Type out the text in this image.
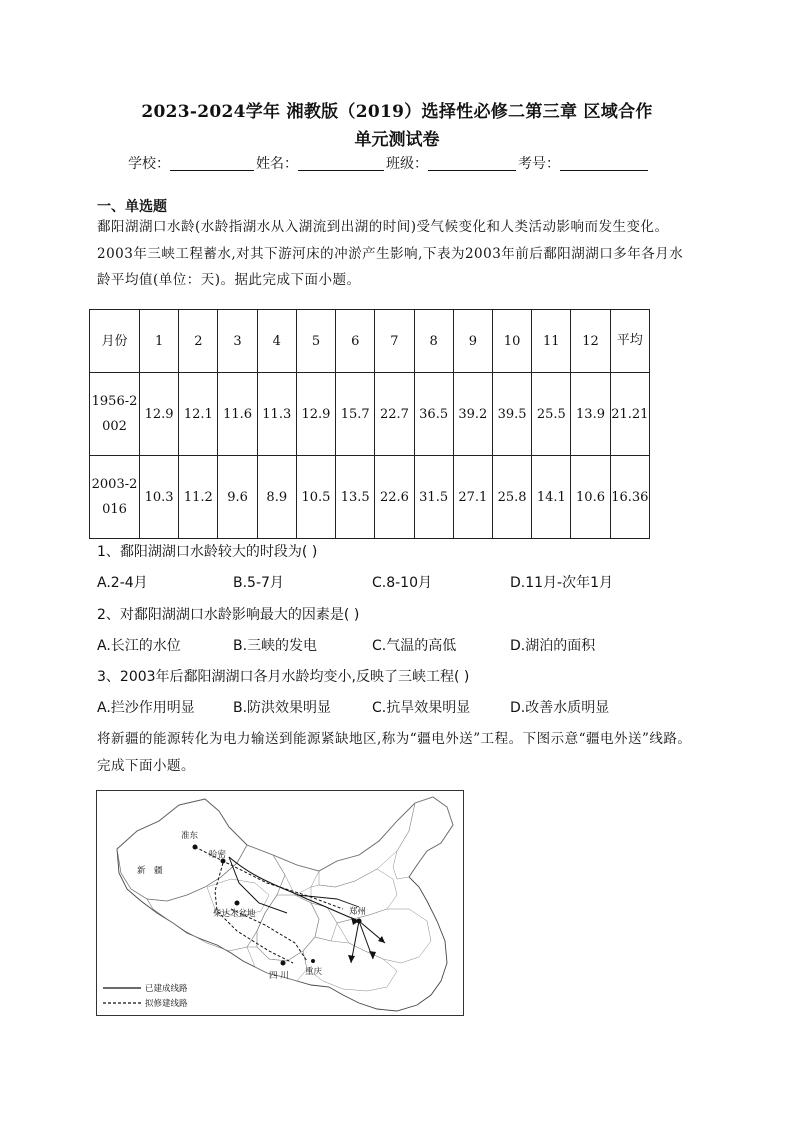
2023-2024学年 湘教版（2019）选择性必修二第三章 区域合作
单元测试卷
学校：	姓名：	班级：	考号：
一、单选题
鄱阳湖湖口水龄(水龄指湖水从入湖流到出湖的时间)受气候变化和人类活动影响而发生变化。2003年三峡工程蓄水,对其下游河床的冲淤产生影响,下表为2003年前后鄱阳湖湖口多年各月水龄平均值(单位：天)。据此完成下面小题。
月份	1	2	3	4	5	6	7	8	9	10	11	12	平均
1956-2002	12.9	12.1	11.6	11.3	12.9	15.7	22.7	36.5	39.2	39.5	25.5	13.9	21.21
2003-2016	10.3	11.2	9.6	8.9	10.5	13.5	22.6	31.5	27.1	25.8	14.1	10.6	16.36
1、鄱阳湖湖口水龄较大的时段为( )
A.2-4月	B.5-7月	C.8-10月	D.11月-次年1月
2、对鄱阳湖湖口水龄影响最大的因素是( )
A.长江的水位	B.三峡的发电	C.气温的高低	D.湖泊的面积
3、2003年后鄱阳湖湖口各月水龄均变小,反映了三峡工程( )
A.拦沙作用明显	B.防洪效果明显	C.抗旱效果明显	D.改善水质明显
将新疆的能源转化为电力输送到能源紧缺地区,称为“疆电外送”工程。下图示意“疆电外送”线路。完成下面小题。
准东
哈密
新　疆
柴达木盆地
四 川 重庆
郑州
已建成线路
拟修建线路
